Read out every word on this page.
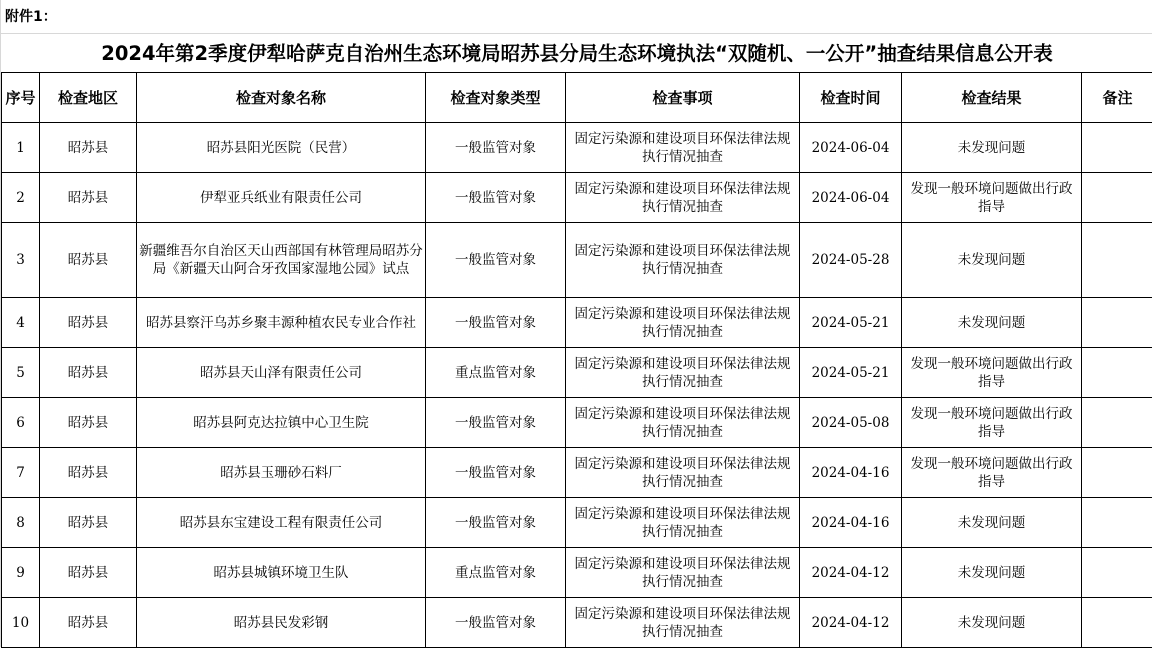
附件1：
2024年第2季度伊犁哈萨克自治州生态环境局昭苏县分局生态环境执法“双随机、一公开”抽查结果信息公开表
序号	检查地区	检查对象名称	检查对象类型	检查事项	检查时间	检查结果	备注
1	昭苏县	昭苏县阳光医院（民营）	一般监管对象	固定污染源和建设项目环保法律法规执行情况抽查	2024-06-04	未发现问题	
2	昭苏县	伊犁亚兵纸业有限责任公司	一般监管对象	固定污染源和建设项目环保法律法规执行情况抽查	2024-06-04	发现一般环境问题做出行政指导	
3	昭苏县	新疆维吾尔自治区天山西部国有林管理局昭苏分局《新疆天山阿合牙孜国家湿地公园》试点	一般监管对象	固定污染源和建设项目环保法律法规执行情况抽查	2024-05-28	未发现问题	
4	昭苏县	昭苏县察汗乌苏乡聚丰源种植农民专业合作社	一般监管对象	固定污染源和建设项目环保法律法规执行情况抽查	2024-05-21	未发现问题	
5	昭苏县	昭苏县天山泽有限责任公司	重点监管对象	固定污染源和建设项目环保法律法规执行情况抽查	2024-05-21	发现一般环境问题做出行政指导	
6	昭苏县	昭苏县阿克达拉镇中心卫生院	一般监管对象	固定污染源和建设项目环保法律法规执行情况抽查	2024-05-08	发现一般环境问题做出行政指导	
7	昭苏县	昭苏县玉珊砂石料厂	一般监管对象	固定污染源和建设项目环保法律法规执行情况抽查	2024-04-16	发现一般环境问题做出行政指导	
8	昭苏县	昭苏县东宝建设工程有限责任公司	一般监管对象	固定污染源和建设项目环保法律法规执行情况抽查	2024-04-16	未发现问题	
9	昭苏县	昭苏县城镇环境卫生队	重点监管对象	固定污染源和建设项目环保法律法规执行情况抽查	2024-04-12	未发现问题	
10	昭苏县	昭苏县民发彩钢	一般监管对象	固定污染源和建设项目环保法律法规执行情况抽查	2024-04-12	未发现问题	
